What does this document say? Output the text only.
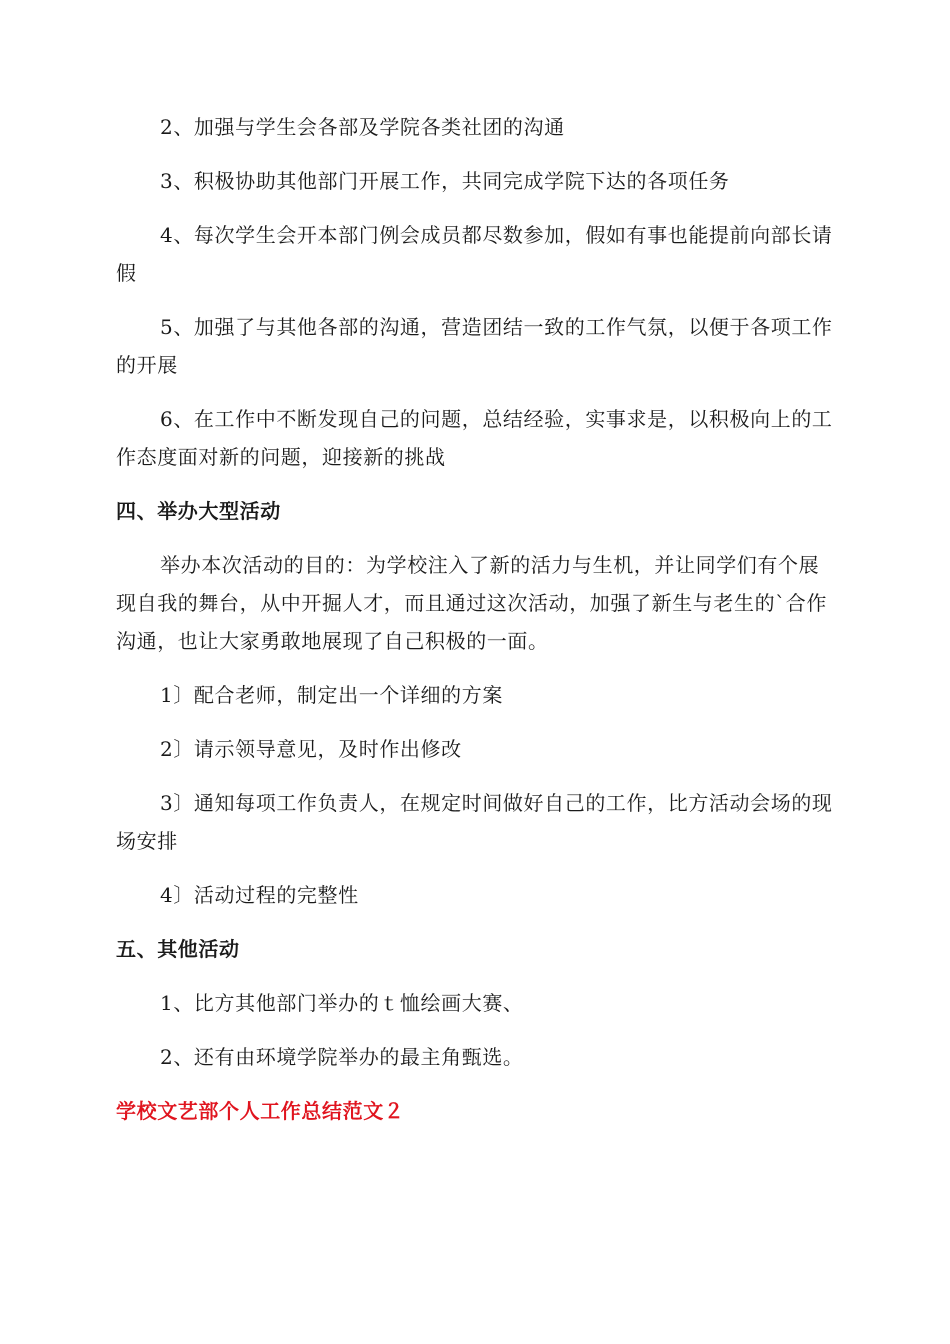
2、加强与学生会各部及学院各类社团的沟通

3、积极协助其他部门开展工作，共同完成学院下达的各项任务

4、每次学生会开本部门例会成员都尽数参加，假如有事也能提前向部长请假

5、加强了与其他各部的沟通，营造团结一致的工作气氛，以便于各项工作的开展

6、在工作中不断发现自己的问题，总结经验，实事求是，以积极向上的工作态度面对新的问题，迎接新的挑战

四、举办大型活动

举办本次活动的目的：为学校注入了新的活力与生机，并让同学们有个展现自我的舞台，从中开掘人才，而且通过这次活动，加强了新生与老生的`合作沟通，也让大家勇敢地展现了自己积极的一面。

1〕配合老师，制定出一个详细的方案

2〕请示领导意见，及时作出修改

3〕通知每项工作负责人，在规定时间做好自己的工作，比方活动会场的现场安排

4〕活动过程的完整性

五、其他活动

1、比方其他部门举办的ｔ恤绘画大赛、

2、还有由环境学院举办的最主角甄选。

学校文艺部个人工作总结范文２
